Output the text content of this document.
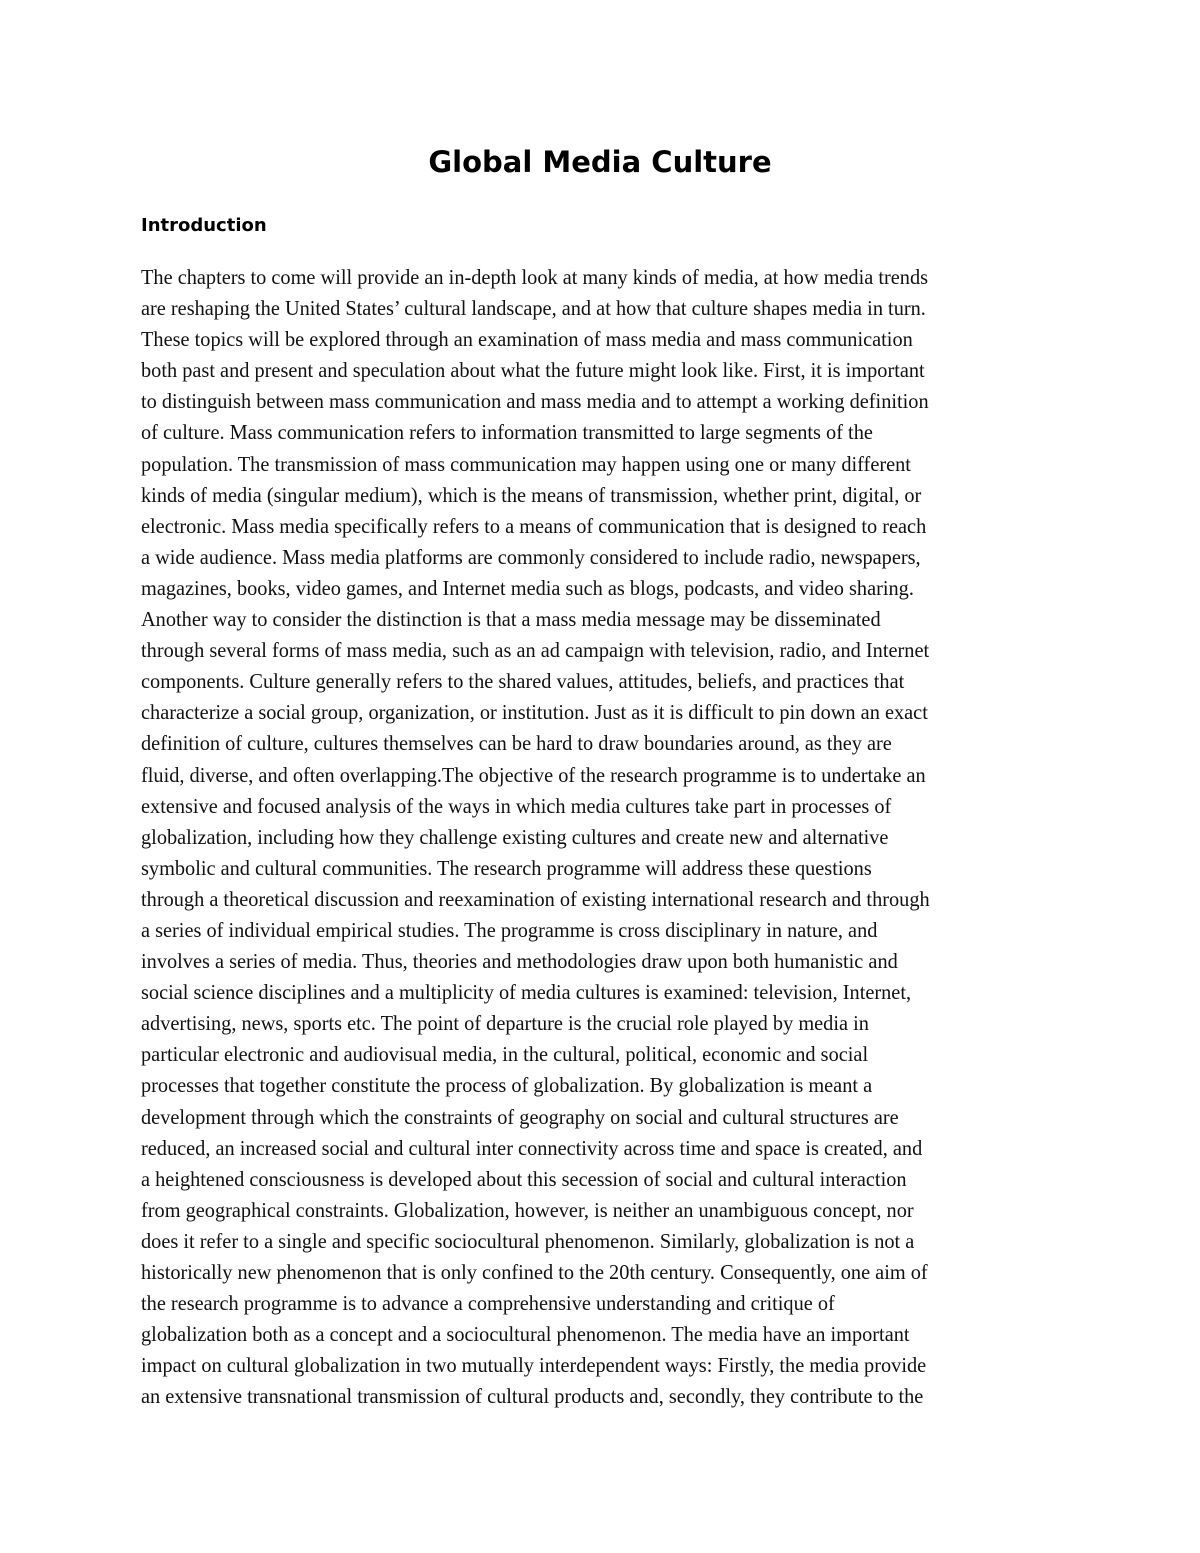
Global Media Culture
Introduction
The chapters to come will provide an in-depth look at many kinds of media, at how media trends
are reshaping the United States’ cultural landscape, and at how that culture shapes media in turn.
These topics will be explored through an examination of mass media and mass communication
both past and present and speculation about what the future might look like. First, it is important
to distinguish between mass communication and mass media and to attempt a working definition
of culture. Mass communication refers to information transmitted to large segments of the
population. The transmission of mass communication may happen using one or many different
kinds of media (singular medium), which is the means of transmission, whether print, digital, or
electronic. Mass media specifically refers to a means of communication that is designed to reach
a wide audience. Mass media platforms are commonly considered to include radio, newspapers,
magazines, books, video games, and Internet media such as blogs, podcasts, and video sharing.
Another way to consider the distinction is that a mass media message may be disseminated
through several forms of mass media, such as an ad campaign with television, radio, and Internet
components. Culture generally refers to the shared values, attitudes, beliefs, and practices that
characterize a social group, organization, or institution. Just as it is difficult to pin down an exact
definition of culture, cultures themselves can be hard to draw boundaries around, as they are
fluid, diverse, and often overlapping.The objective of the research programme is to undertake an
extensive and focused analysis of the ways in which media cultures take part in processes of
globalization, including how they challenge existing cultures and create new and alternative
symbolic and cultural communities. The research programme will address these questions
through a theoretical discussion and reexamination of existing international research and through
a series of individual empirical studies. The programme is cross disciplinary in nature, and
involves a series of media. Thus, theories and methodologies draw upon both humanistic and
social science disciplines and a multiplicity of media cultures is examined: television, Internet,
advertising, news, sports etc. The point of departure is the crucial role played by media in
particular electronic and audiovisual media, in the cultural, political, economic and social
processes that together constitute the process of globalization. By globalization is meant a
development through which the constraints of geography on social and cultural structures are
reduced, an increased social and cultural inter connectivity across time and space is created, and
a heightened consciousness is developed about this secession of social and cultural interaction
from geographical constraints. Globalization, however, is neither an unambiguous concept, nor
does it refer to a single and specific sociocultural phenomenon. Similarly, globalization is not a
historically new phenomenon that is only confined to the 20th century. Consequently, one aim of
the research programme is to advance a comprehensive understanding and critique of
globalization both as a concept and a sociocultural phenomenon. The media have an important
impact on cultural globalization in two mutually interdependent ways: Firstly, the media provide
an extensive transnational transmission of cultural products and, secondly, they contribute to the
